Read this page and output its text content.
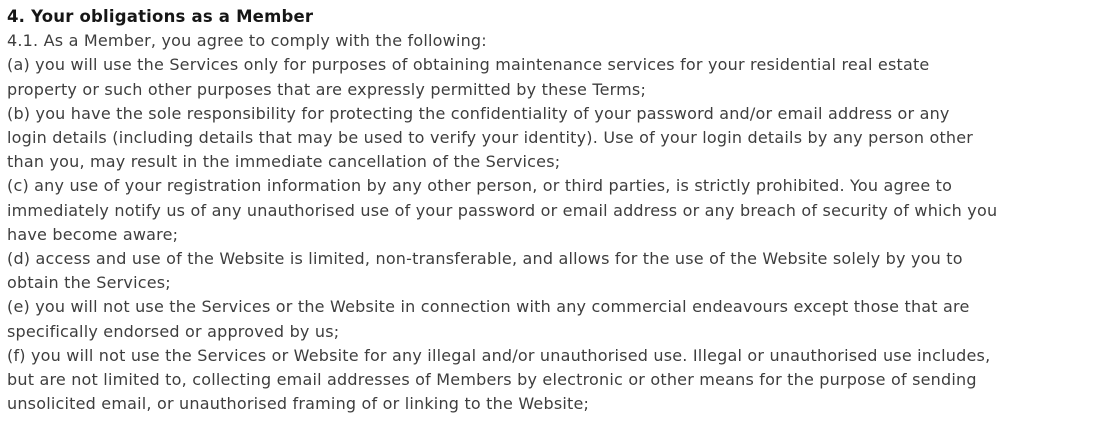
4. Your obligations as a Member
4.1. As a Member, you agree to comply with the following:
(a) you will use the Services only for purposes of obtaining maintenance services for your residential real estate
property or such other purposes that are expressly permitted by these Terms;
(b) you have the sole responsibility for protecting the confidentiality of your password and/or email address or any
login details (including details that may be used to verify your identity). Use of your login details by any person other
than you, may result in the immediate cancellation of the Services;
(c) any use of your registration information by any other person, or third parties, is strictly prohibited. You agree to
immediately notify us of any unauthorised use of your password or email address or any breach of security of which you
have become aware;
(d) access and use of the Website is limited, non-transferable, and allows for the use of the Website solely by you to
obtain the Services;
(e) you will not use the Services or the Website in connection with any commercial endeavours except those that are
specifically endorsed or approved by us;
(f) you will not use the Services or Website for any illegal and/or unauthorised use. Illegal or unauthorised use includes,
but are not limited to, collecting email addresses of Members by electronic or other means for the purpose of sending
unsolicited email, or unauthorised framing of or linking to the Website;
